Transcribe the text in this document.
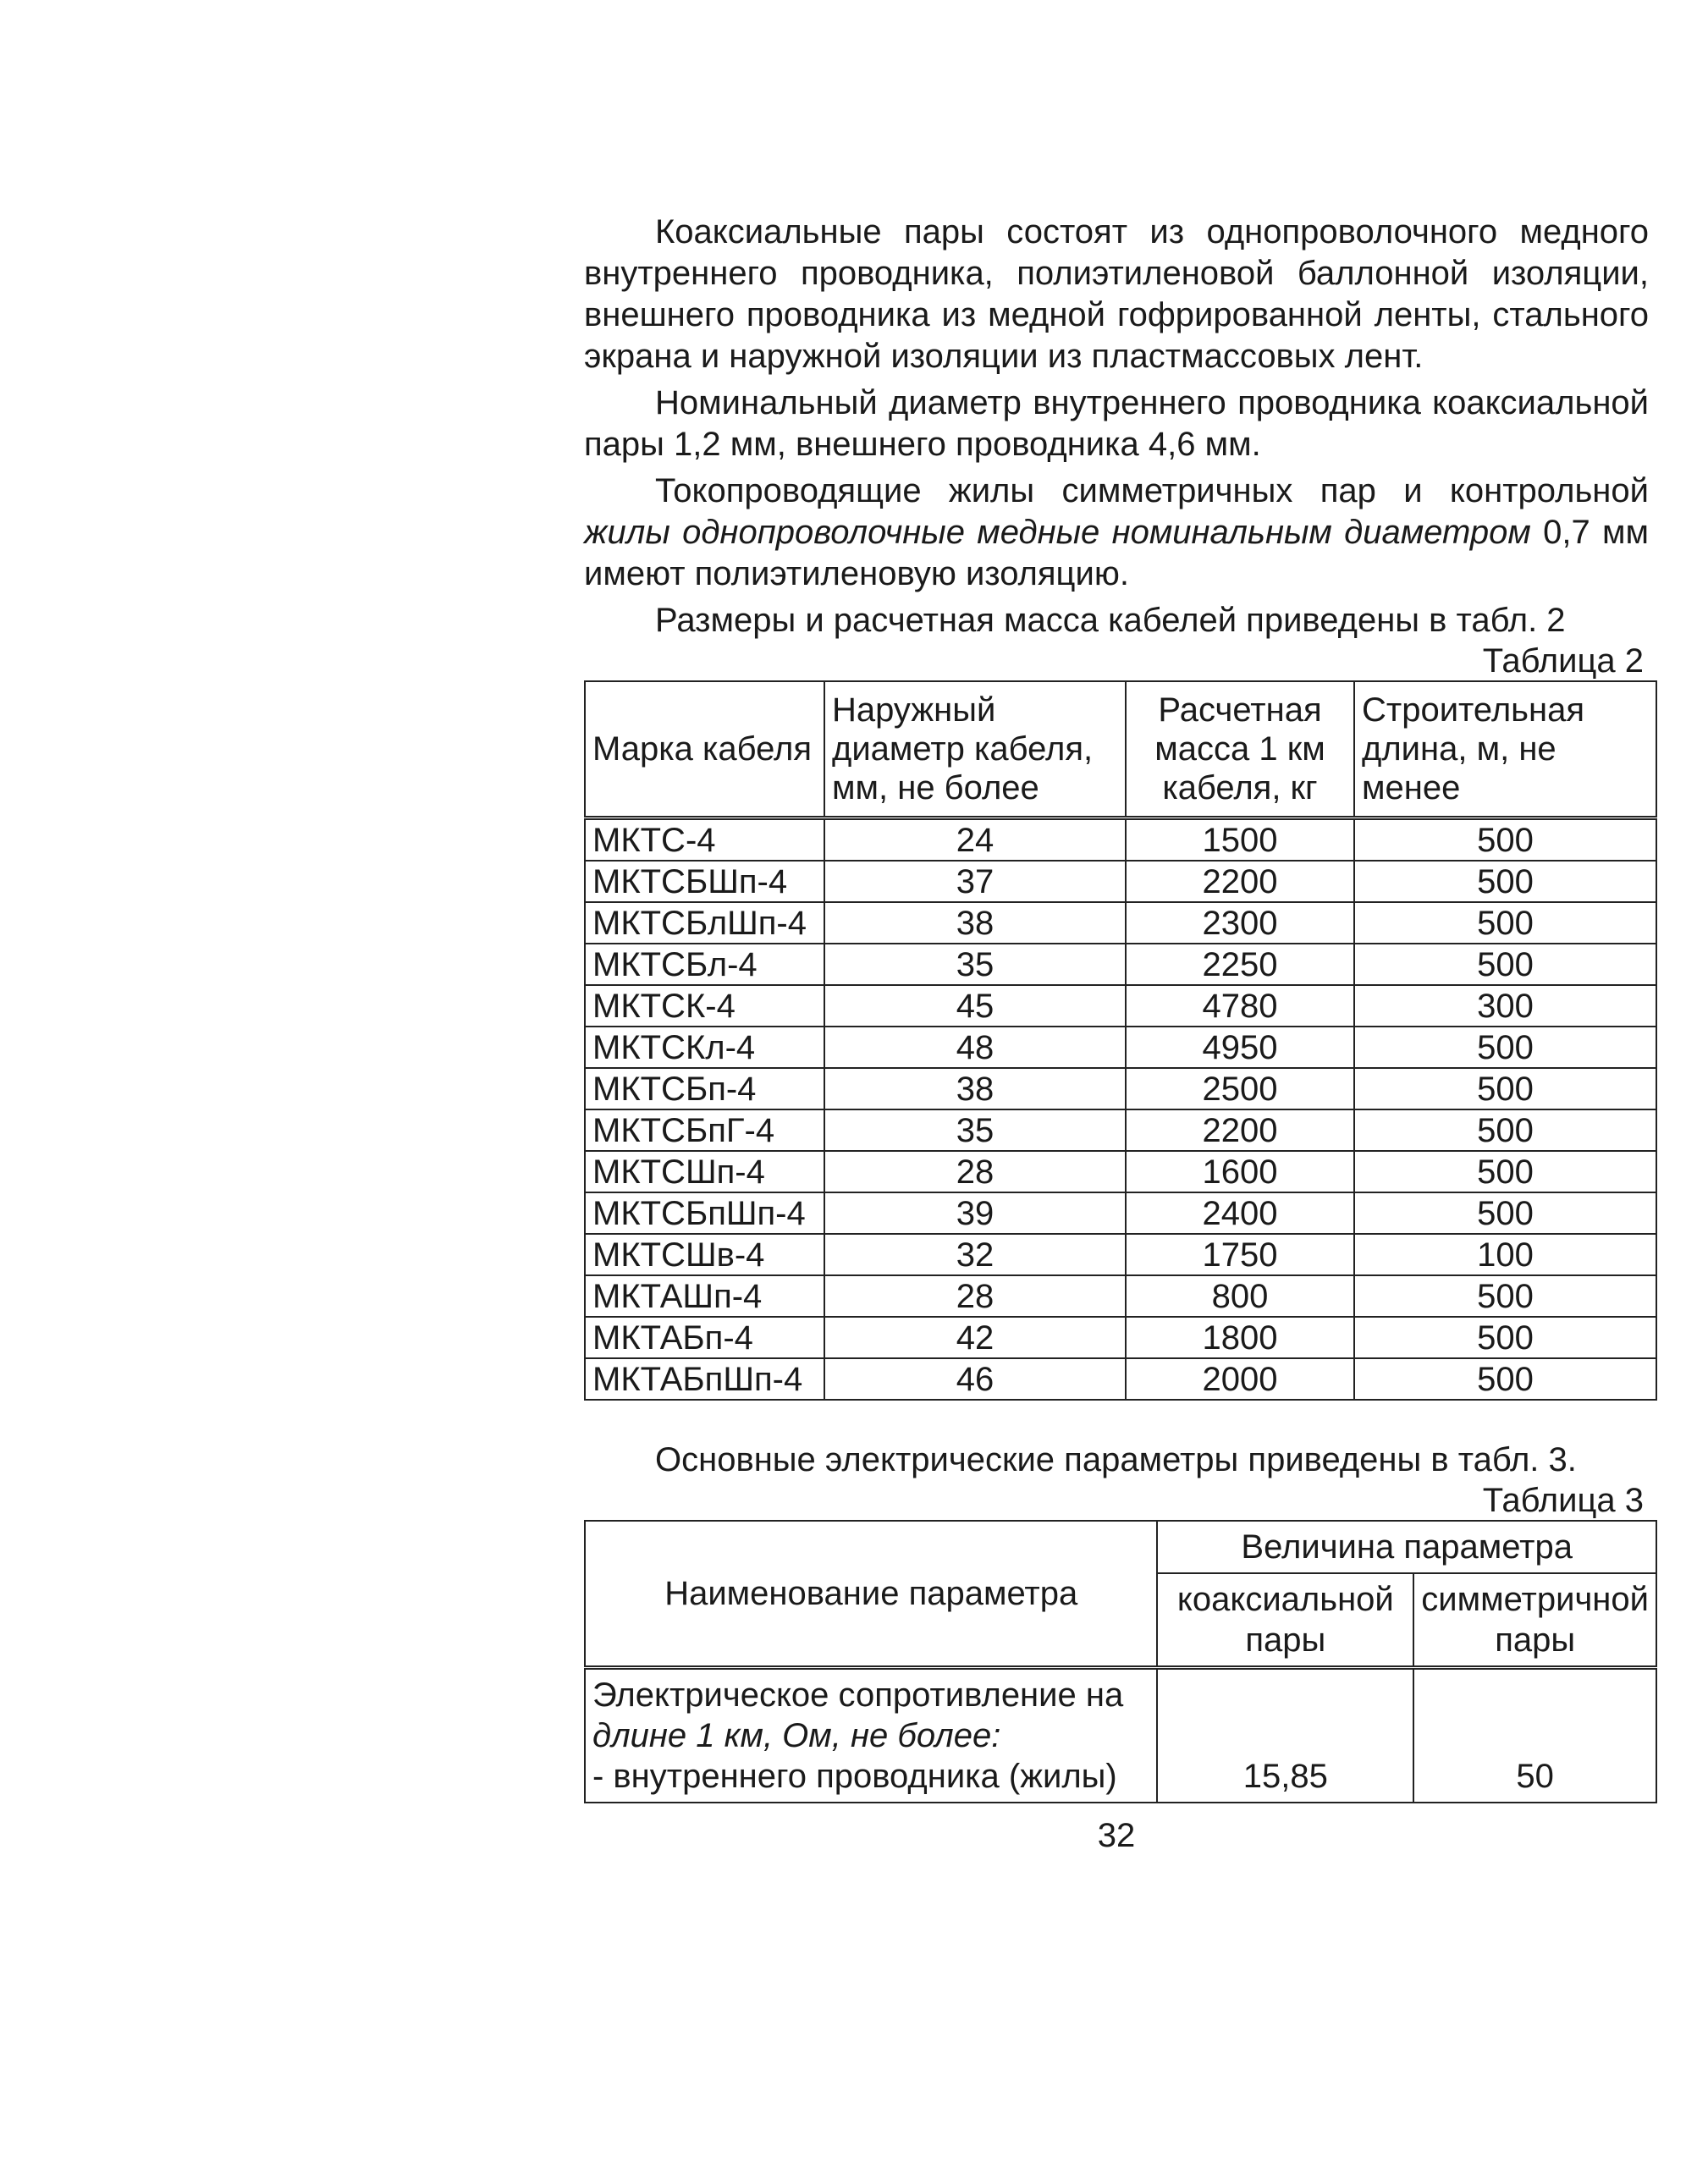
Коаксиальные пары состоят из однопроволочного медного внутреннего проводника, полиэтиленовой баллонной изоляции, внешнего проводника из медной гофрированной ленты, стального экрана и наружной изоляции из пластмассовых лент.

Номинальный диаметр внутреннего проводника коаксиальной пары 1,2 мм, внешнего проводника 4,6 мм.

Токопроводящие жилы симметричных пар и контрольной жилы однопроволочные медные номинальным диаметром 0,7 мм имеют полиэтиленовую изоляцию.

Размеры и расчетная масса кабелей приведены в табл. 2

Таблица 2

Марка кабеля	Наружный диаметр кабеля, мм, не более	Расчетная масса 1 км кабеля, кг	Строительная длина, м, не менее
МКТС-4	24	1500	500
МКТСБШп-4	37	2200	500
МКТСБлШп-4	38	2300	500
МКТСБл-4	35	2250	500
МКТСК-4	45	4780	300
МКТСКл-4	48	4950	500
МКТСБп-4	38	2500	500
МКТСБпГ-4	35	2200	500
МКТСШп-4	28	1600	500
МКТСБпШп-4	39	2400	500
МКТСШв-4	32	1750	100
МКТАШп-4	28	800	500
МКТАБп-4	42	1800	500
МКТАБпШп-4	46	2000	500

Основные электрические параметры приведены в табл. 3.

Таблица 3

Наименование параметра	Величина параметра	
	коаксиальной пары	симметричной пары

Электрическое сопротивление на
длине 1 км, Ом, не более:
- внутреннего проводника (жилы)	15,85	50
32
